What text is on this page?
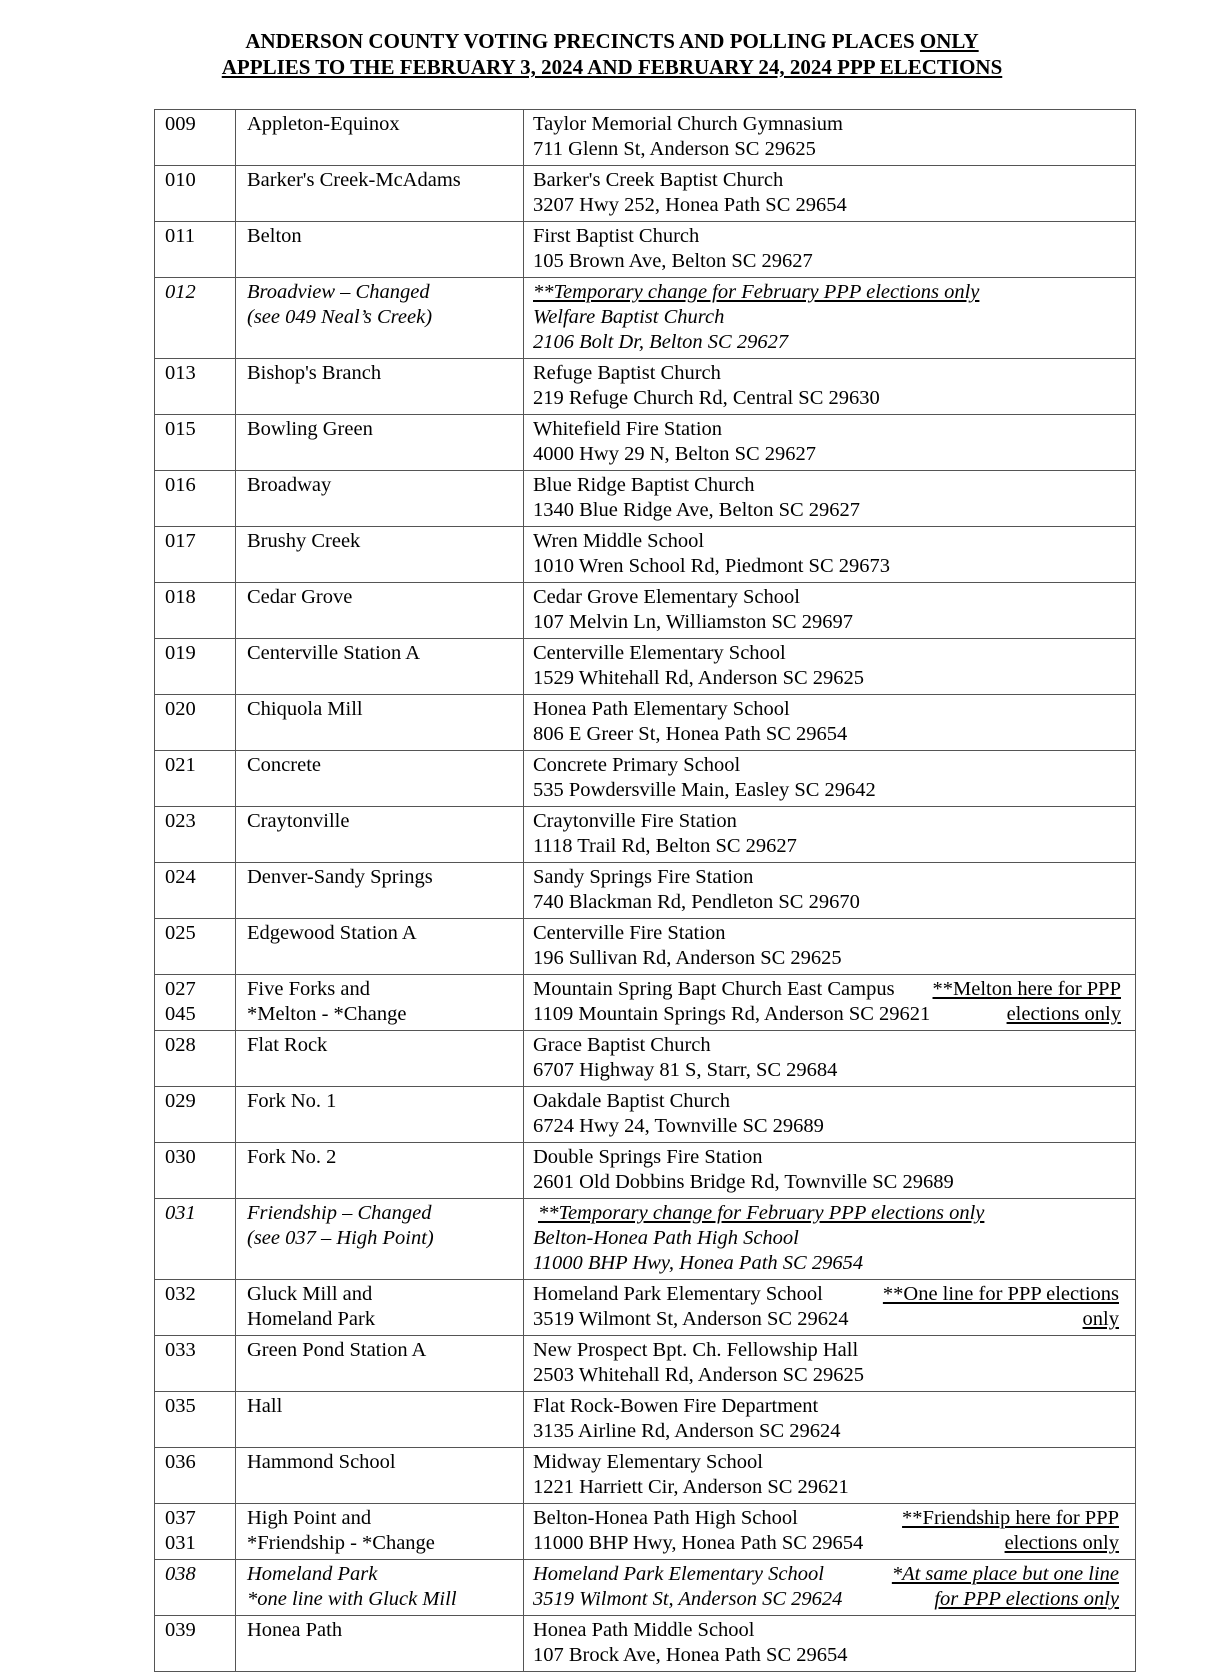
ANDERSON COUNTY VOTING PRECINCTS AND POLLING PLACES ONLY
APPLIES TO THE FEBRUARY 3, 2024 AND FEBRUARY 24, 2024 PPP ELECTIONS
009	Appleton-Equinox	Taylor Memorial Church Gymnasium
711 Glenn St, Anderson SC 29625

010	Barker's Creek-McAdams	Barker's Creek Baptist Church
3207 Hwy 252, Honea Path SC 29654

011	Belton	First Baptist Church
105 Brown Ave, Belton SC 29627

012	Broadview – Changed
(see 049 Neal’s Creek)	**Temporary change for February PPP elections only
Welfare Baptist Church
2106 Bolt Dr, Belton SC 29627

013	Bishop's Branch	Refuge Baptist Church
219 Refuge Church Rd, Central SC 29630

015	Bowling Green	Whitefield Fire Station
4000 Hwy 29 N, Belton SC 29627

016	Broadway	Blue Ridge Baptist Church
1340 Blue Ridge Ave, Belton SC 29627

017	Brushy Creek	Wren Middle School
1010 Wren School Rd, Piedmont SC 29673

018	Cedar Grove	Cedar Grove Elementary School
107 Melvin Ln, Williamston SC 29697

019	Centerville Station A	Centerville Elementary School
1529 Whitehall Rd, Anderson SC 29625

020	Chiquola Mill	Honea Path Elementary School
806 E Greer St, Honea Path SC 29654

021	Concrete	Concrete Primary School
535 Powdersville Main, Easley SC 29642

023	Craytonville	Craytonville Fire Station
1118 Trail Rd, Belton SC 29627

024	Denver-Sandy Springs	Sandy Springs Fire Station
740 Blackman Rd, Pendleton SC 29670

025	Edgewood Station A	Centerville Fire Station
196 Sullivan Rd, Anderson SC 29625

027
045	Five Forks and
*Melton - *Change	Mountain Spring Bapt Church East Campus **Melton here for PPP
1109 Mountain Springs Rd, Anderson SC 29621 elections only

028	Flat Rock	Grace Baptist Church
6707 Highway 81 S, Starr, SC 29684

029	Fork No. 1	Oakdale Baptist Church
6724 Hwy 24, Townville SC 29689

030	Fork No. 2	Double Springs Fire Station
2601 Old Dobbins Bridge Rd, Townville SC 29689

031	Friendship – Changed
(see 037 – High Point)	**Temporary change for February PPP elections only
Belton-Honea Path High School
11000 BHP Hwy, Honea Path SC 29654

032	Gluck Mill and
Homeland Park	Homeland Park Elementary School **One line for PPP elections
3519 Wilmont St, Anderson SC 29624 only

033	Green Pond Station A	New Prospect Bpt. Ch. Fellowship Hall
2503 Whitehall Rd, Anderson SC 29625

035	Hall	Flat Rock-Bowen Fire Department
3135 Airline Rd, Anderson SC 29624

036	Hammond School	Midway Elementary School
1221 Harriett Cir, Anderson SC 29621

037
031	High Point and
*Friendship - *Change	Belton-Honea Path High School **Friendship here for PPP
11000 BHP Hwy, Honea Path SC 29654 elections only

038	Homeland Park
*one line with Gluck Mill	Homeland Park Elementary School *At same place but one line
3519 Wilmont St, Anderson SC 29624 for PPP elections only

039	Honea Path	Honea Path Middle School
107 Brock Ave, Honea Path SC 29654
